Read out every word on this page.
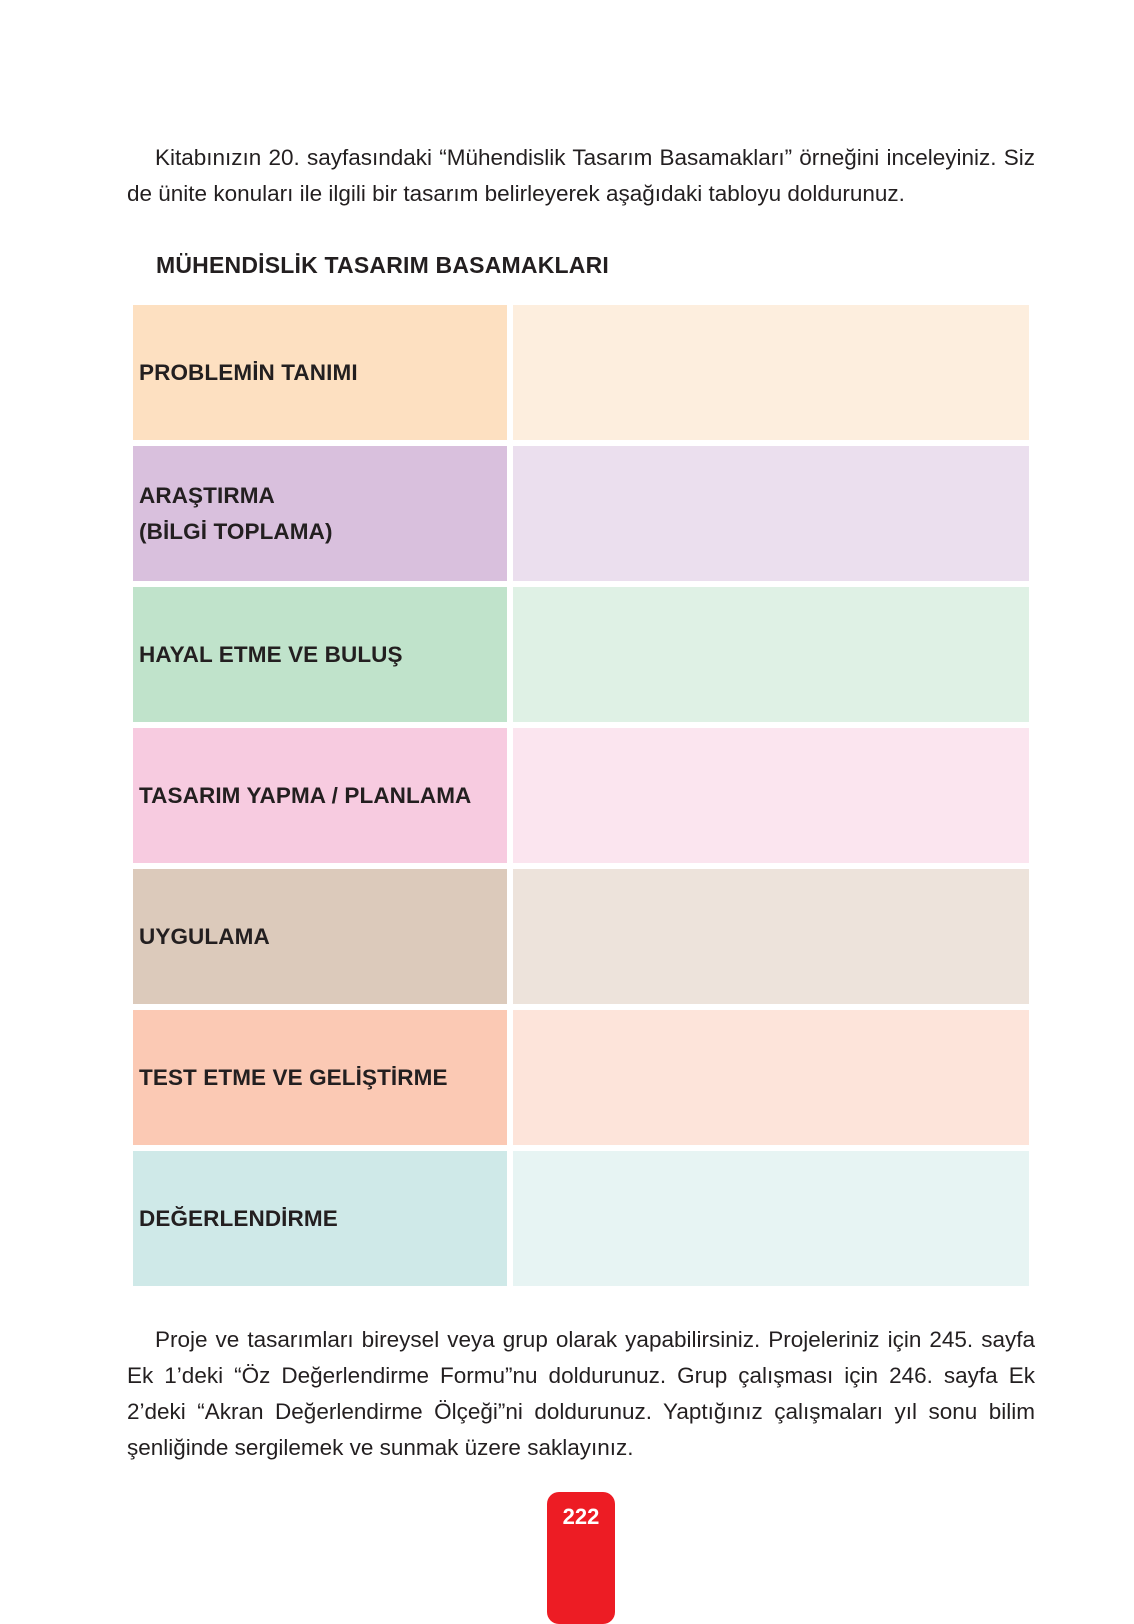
Kitabınızın 20. sayfasındaki “Mühendislik Tasarım Basamakları” örneğini inceleyiniz. Siz de ünite konuları ile ilgili bir tasarım belirleyerek aşağıdaki tabloyu doldurunuz.

MÜHENDİSLİK TASARIM BASAMAKLARI
PROBLEMİN TANIMI
ARAŞTIRMA
(BİLGİ TOPLAMA)
HAYAL ETME VE BULUŞ
TASARIM YAPMA / PLANLAMA
UYGULAMA
TEST ETME VE GELİŞTİRME
DEĞERLENDİRME

Proje ve tasarımları bireysel veya grup olarak yapabilirsiniz. Projeleriniz için 245. sayfa Ek 1’deki “Öz Değerlendirme Formu”nu doldurunuz. Grup çalışması için 246. sayfa Ek 2’deki “Akran Değerlendirme Ölçeği”ni doldurunuz. Yaptığınız çalışmaları yıl sonu bilim şenliğinde sergilemek ve sunmak üzere saklayınız.

222
